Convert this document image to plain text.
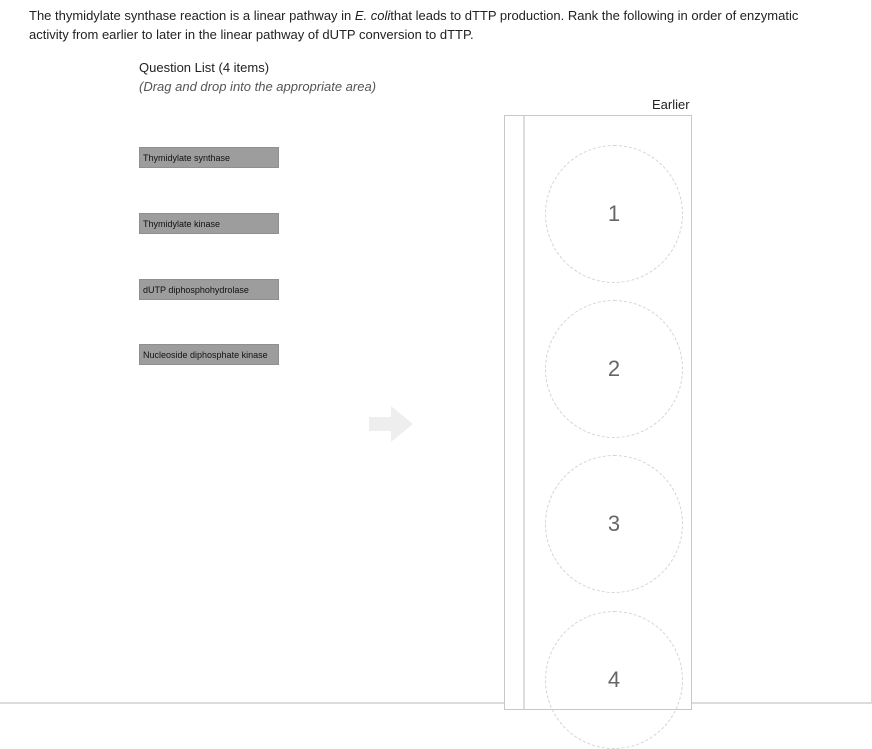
The thymidylate synthase reaction is a linear pathway in E. colithat leads to dTTP production. Rank the following in order of enzymatic activity from earlier to later in the linear pathway of dUTP conversion to dTTP.
Question List (4 items)
(Drag and drop into the appropriate area)
Thymidylate synthase
Thymidylate kinase
dUTP diphosphohydrolase
Nucleoside diphosphate kinase
Earlier
1
2
3
4
